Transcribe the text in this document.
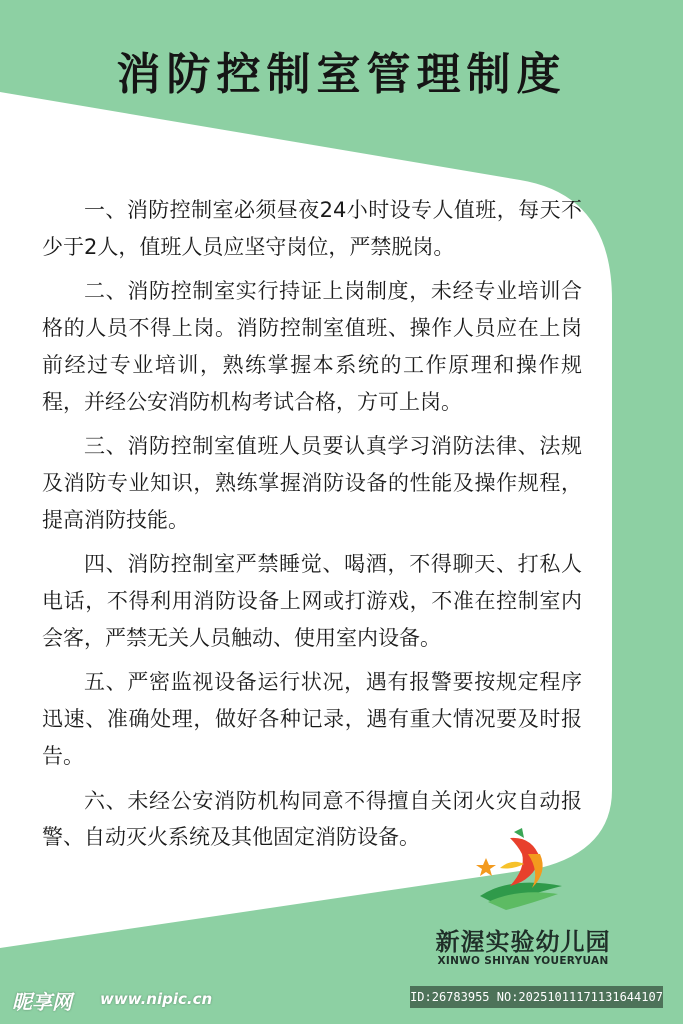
消防控制室管理制度

一、消防控制室必须昼夜24小时设专人值班，每天不少于2人，值班人员应坚守岗位，严禁脱岗。

二、消防控制室实行持证上岗制度，未经专业培训合格的人员不得上岗。消防控制室值班、操作人员应在上岗前经过专业培训，熟练掌握本系统的工作原理和操作规程，并经公安消防机构考试合格，方可上岗。

三、消防控制室值班人员要认真学习消防法律、法规及消防专业知识，熟练掌握消防设备的性能及操作规程，提高消防技能。

四、消防控制室严禁睡觉、喝酒，不得聊天、打私人电话，不得利用消防设备上网或打游戏，不准在控制室内会客，严禁无关人员触动、使用室内设备。

五、严密监视设备运行状况，遇有报警要按规定程序迅速、准确处理，做好各种记录，遇有重大情况要及时报告。

六、未经公安消防机构同意不得擅自关闭火灾自动报警、自动灭火系统及其他固定消防设备。

新渥实验幼儿园
XINWO SHIYAN YOUERYUAN
昵享网 www.nipic.cn	ID:26783955 NO:20251011171131644107
